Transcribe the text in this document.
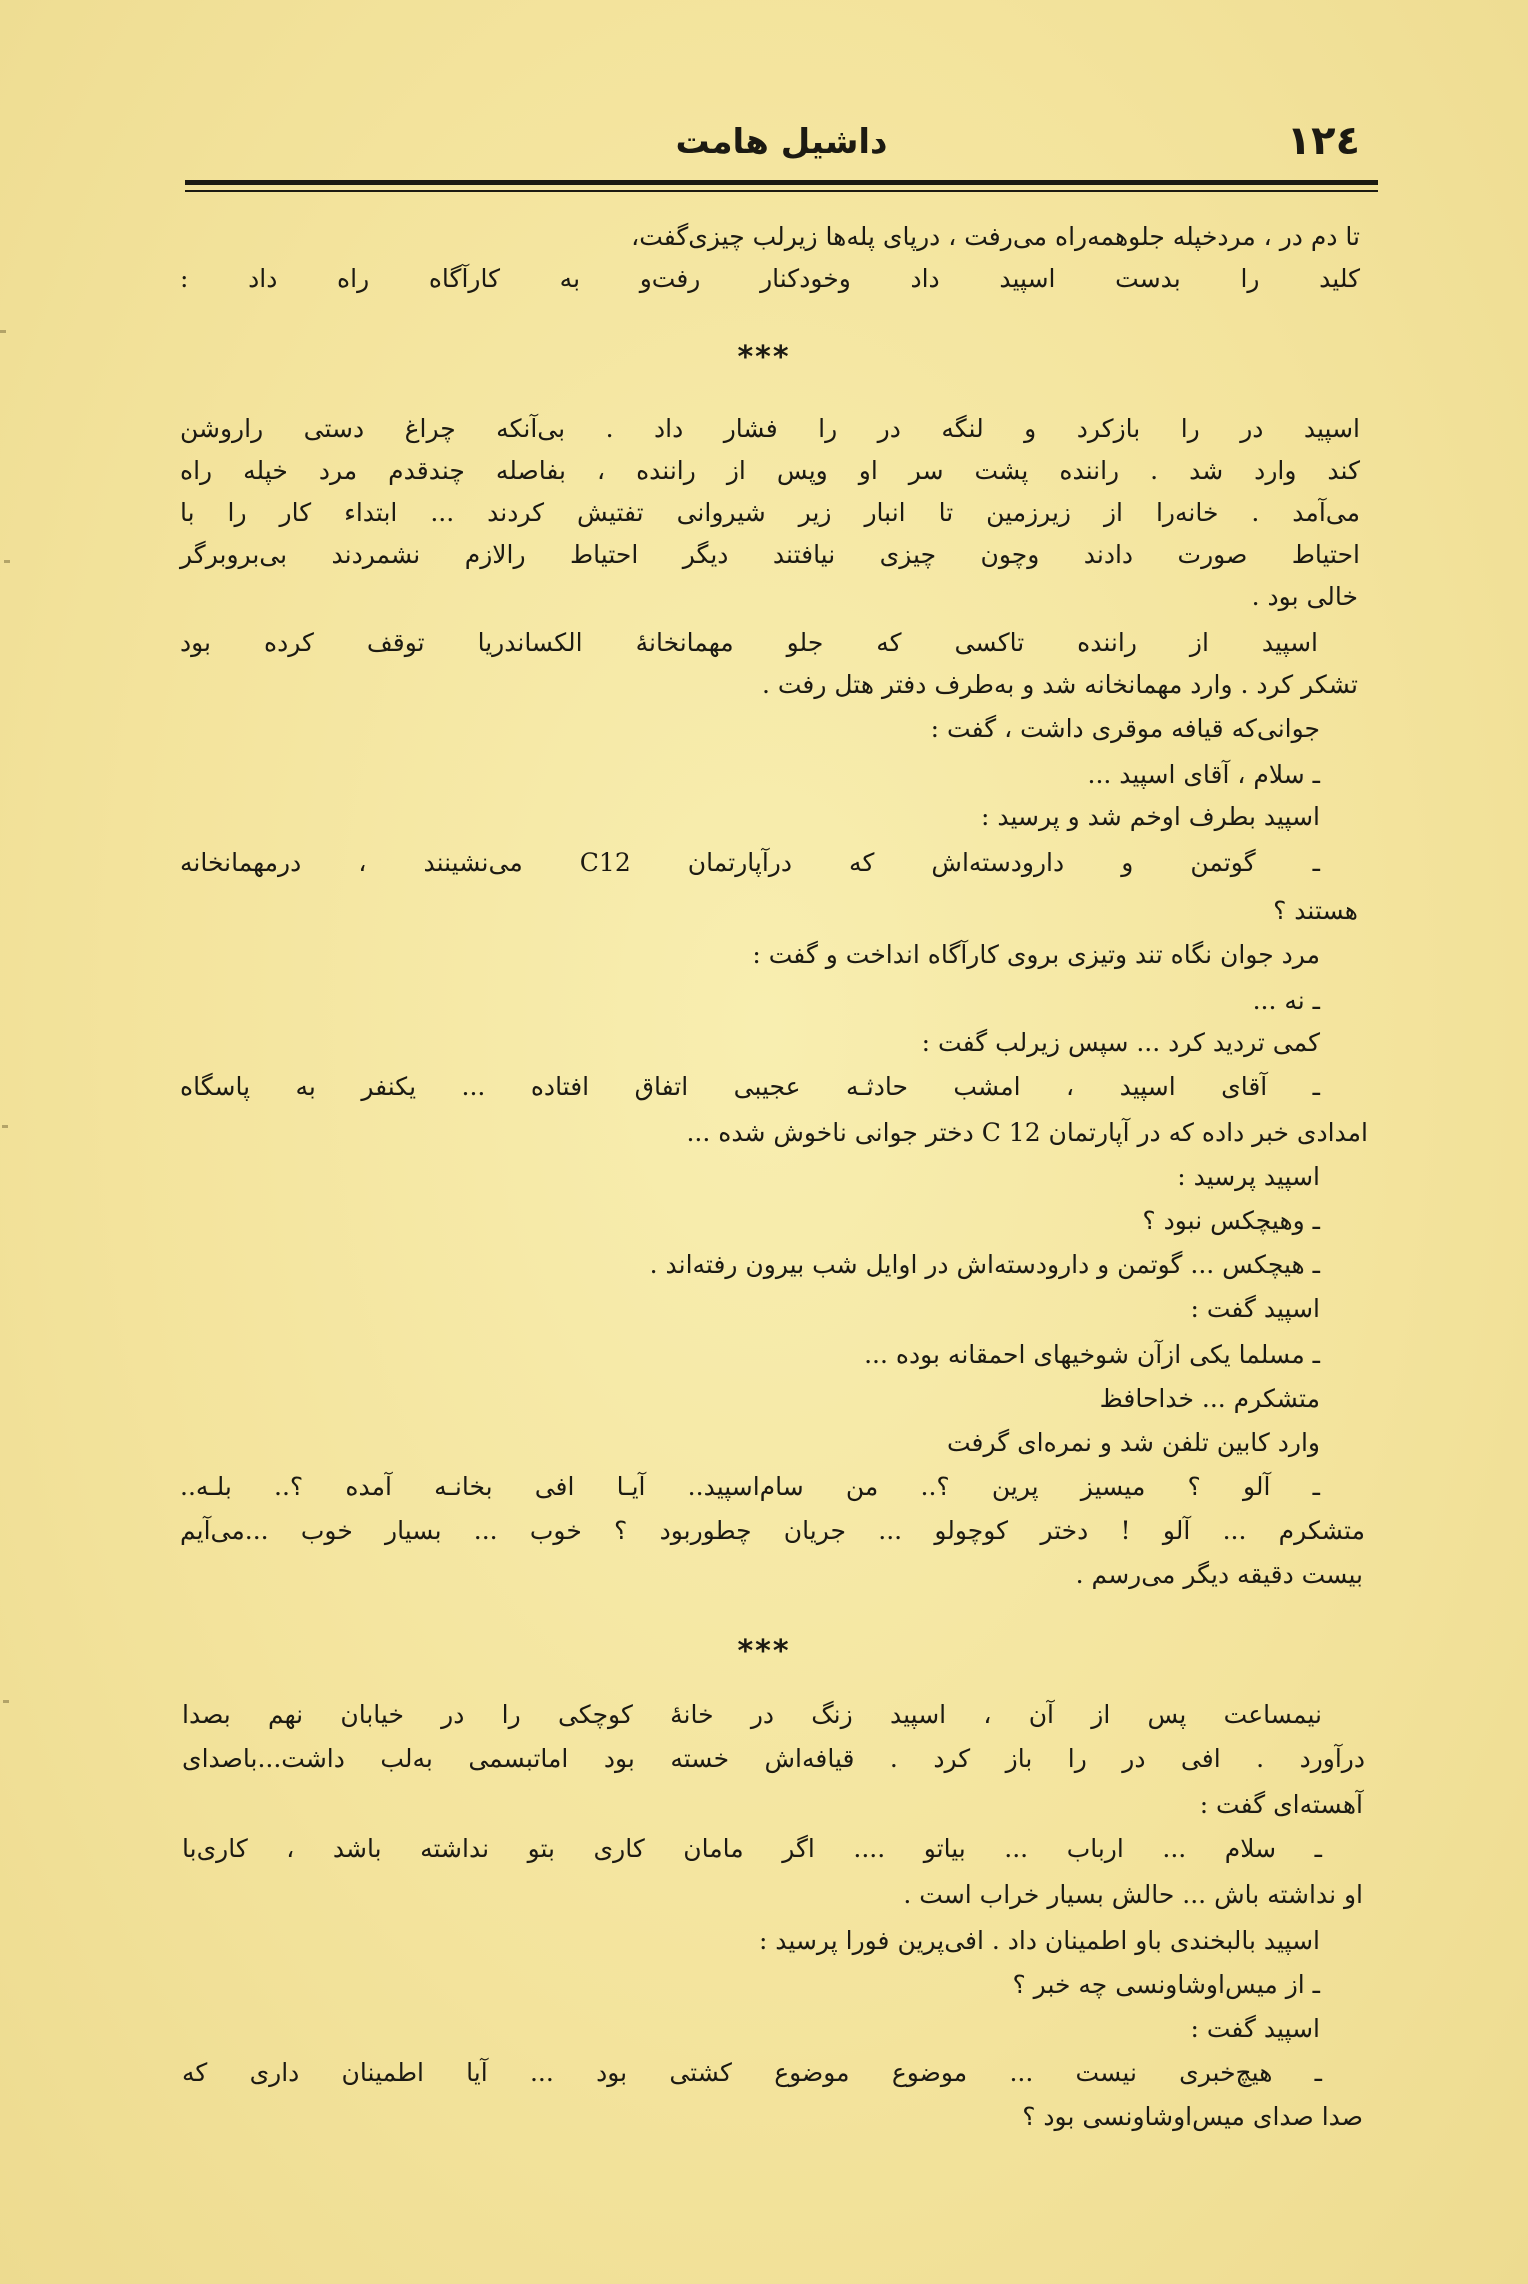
۱۲٤
داشیل هامت
تا دم در ، مردخپله جلوهمه‌راه می‌رفت ، درپای پله‌ها زیرلب چیزی‌گفت،
کلید را بدست اسپید داد وخودکنار رفت‌و به کارآگاه راه داد :
***
اسپید در را بازکرد و لنگه در را فشار داد . بی‌آنکه چراغ دستی راروشن
کند وارد شد . راننده پشت سر او وپس از راننده ، بفاصله چندقدم مرد خپله راه
می‌آمد . خانه‌را از زیرزمین تا انبار زیر شیروانی تفتیش کردند ... ابتداء کار را با
احتیاط صورت دادند وچون چیزی نیافتند دیگر احتیاط رالازم نشمردند بی‌برو‌برگر
خالی بود .
اسپید از راننده تاکسی که جلو مهمانخانهٔ الکساندریا توقف کرده بود
تشکر کرد . وارد مهمانخانه شد و به‌طرف دفتر هتل رفت .
جوانی‌که قیافه موقری داشت ، گفت :
ـ سلام ، آقای اسپید ...
اسپید بطرف اوخم شد و پرسید :
ـ گوتمن و دارودسته‌اش که درآپارتمان C12 می‌نشینند ، درمهمانخانه
هستند ؟
مرد جوان نگاه تند وتیزی بروی کارآگاه انداخت و گفت :
ـ نه ...
کمی تردید کرد ... سپس زیرلب گفت :
ـ آقای اسپید ، امشب حادثـه عجیبی اتفاق افتاده ... یکنفر به پاسگاه
امدادی خبر داده که در آپارتمان C 12 دختر جوانی ناخوش شده ...
اسپید پرسید :
ـ وهیچکس نبود ؟
ـ هیچکس ... گوتمن و دارودسته‌اش در اوایل شب بیرون رفته‌اند .
اسپید گفت :
ـ مسلما یکی ازآن شوخیهای احمقانه بوده ...
متشکرم ... خداحافظ
وارد کابین تلفن شد و نمره‌ای گرفت
ـ آلو ؟ میسیز پرین ؟.. من سام‌اسپید.. آیـا افی بخانـه آمده ؟.. بلـه..
متشکرم ... آلو ! دختر کوچولو ... جریان چطوربود ؟ خوب ... بسیار خوب ...می‌آیم
بیست دقیقه دیگر می‌رسم .
***
نیمساعت پس از آن ، اسپید زنگ در خانهٔ کوچکی را در خیابان نهم بصدا
درآورد . افی در را باز کرد . قیافه‌اش خسته بود اماتبسمی به‌لب داشت...باصدای
آهسته‌ای گفت :
ـ سلام ... ارباب ... بیاتو .... اگر مامان کاری بتو نداشته باشد ، کاری‌با
او نداشته باش ... حالش بسیار خراب است .
اسپید بالبخندی باو اطمینان داد . افی‌پرین فورا پرسید :
ـ از میس‌اوشاونسی چه خبر ؟
اسپید گفت :
ـ هیچ‌خبری نیست ... موضوع موضوع کشتی بود ... آیا اطمینان داری که
صدا صدای میس‌اوشاونسی بود ؟
